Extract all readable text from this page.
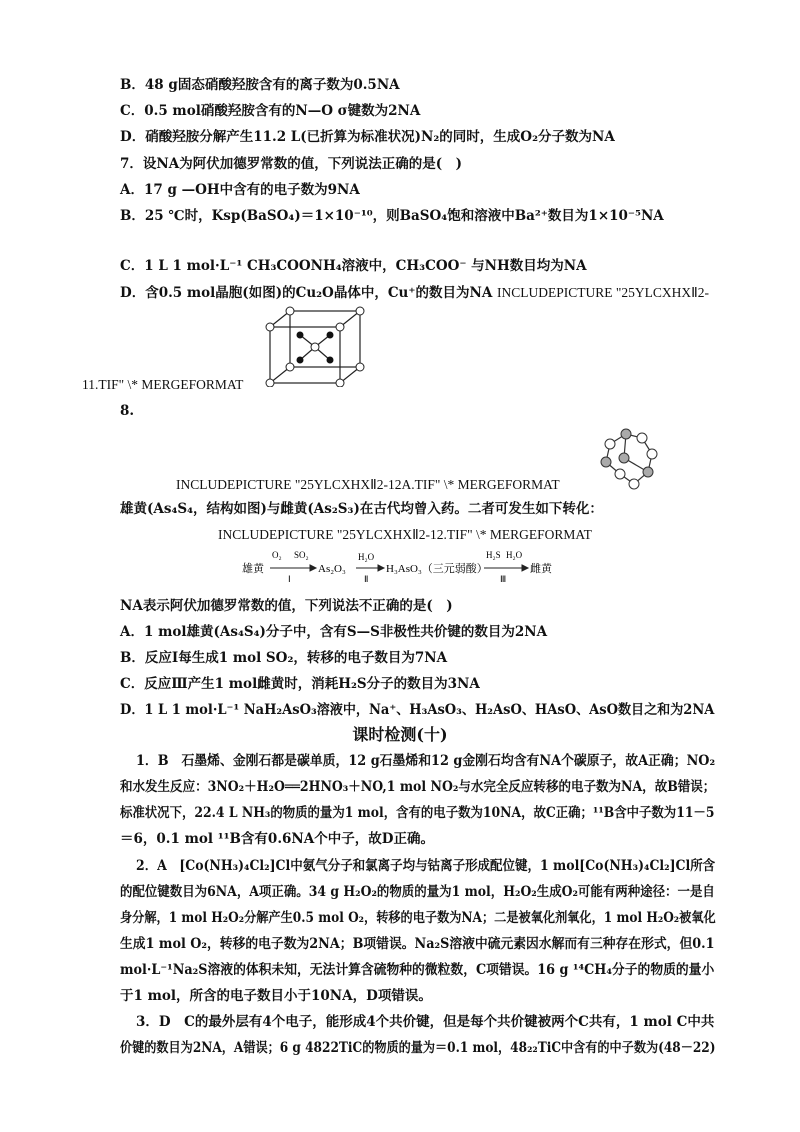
B．48 g固态硝酸羟胺含有的离子数为0.5NA
C．0.5 mol硝酸羟胺含有的N—O σ键数为2NA
D．硝酸羟胺分解产生11.2 L(已折算为标准状况)N₂的同时，生成O₂分子数为NA
7．设NA为阿伏加德罗常数的值，下列说法正确的是(　)
A．17 g —OH中含有的电子数为9NA
B．25 ℃时，Ksp(BaSO₄)＝1×10⁻¹⁰，则BaSO₄饱和溶液中Ba²⁺数目为1×10⁻⁵NA
C．1 L 1 mol·L⁻¹ CH₃COONH₄溶液中，CH₃COO⁻ 与NH数目均为NA
D．含0.5 mol晶胞(如图)的Cu₂O晶体中，Cu⁺的数目为NA INCLUDEPICTURE "25YLCXHXⅡ2-
11.TIF" \* MERGEFORMAT
8.
INCLUDEPICTURE "25YLCXHXⅡ2-12A.TIF" \* MERGEFORMAT
雄黄(As₄S₄，结构如图)与雌黄(As₂S₃)在古代均曾入药。二者可发生如下转化：
INCLUDEPICTURE "25YLCXHXⅡ2-12.TIF" \* MERGEFORMAT
雄黄
O₂ SO₂
Ⅰ
As₂O₃
H₂O
Ⅱ
H₃AsO₃（三元弱酸）
H₂S H₂O
Ⅲ
雌黄
NA表示阿伏加德罗常数的值，下列说法不正确的是(　)
A．1 mol雄黄(As₄S₄)分子中，含有S—S非极性共价键的数目为2NA
B．反应Ⅰ每生成1 mol SO₂，转移的电子数目为7NA
C．反应Ⅲ产生1 mol雌黄时，消耗H₂S分子的数目为3NA
D．1 L 1 mol·L⁻¹ NaH₂AsO₃溶液中，Na⁺、H₃AsO₃、H₂AsO、HAsO、AsO数目之和为2NA
课时检测(十)
1．B　石墨烯、金刚石都是碳单质，12 g石墨烯和12 g金刚石均含有NA个碳原子，故A正确；NO₂
和水发生反应：3NO₂＋H₂O══2HNO₃＋NO,1 mol NO₂与水完全反应转移的电子数为NA，故B错误；
标准状况下，22.4 L NH₃的物质的量为1 mol，含有的电子数为10NA，故C正确；¹¹B含中子数为11－5
＝6，0.1 mol ¹¹B含有0.6NA个中子，故D正确。
2．A　[Co(NH₃)₄Cl₂]Cl中氨气分子和氯离子均与钴离子形成配位键，1 mol[Co(NH₃)₄Cl₂]Cl所含
的配位键数目为6NA，A项正确。34 g H₂O₂的物质的量为1 mol，H₂O₂生成O₂可能有两种途径：一是自
身分解，1 mol H₂O₂分解产生0.5 mol O₂，转移的电子数为NA；二是被氧化剂氧化，1 mol H₂O₂被氧化
生成1 mol O₂，转移的电子数为2NA；B项错误。Na₂S溶液中硫元素因水解而有三种存在形式，但0.1
mol·L⁻¹Na₂S溶液的体积未知，无法计算含硫物种的微粒数，C项错误。16 g ¹⁴CH₄分子的物质的量小
于1 mol，所含的电子数目小于10NA，D项错误。
3．D　C的最外层有4个电子，能形成4个共价键，但是每个共价键被两个C共有，1 mol C中共
价键的数目为2NA，A错误；6 g 4822TiC的物质的量为＝0.1 mol，48₂₂TiC中含有的中子数为(48－22)
